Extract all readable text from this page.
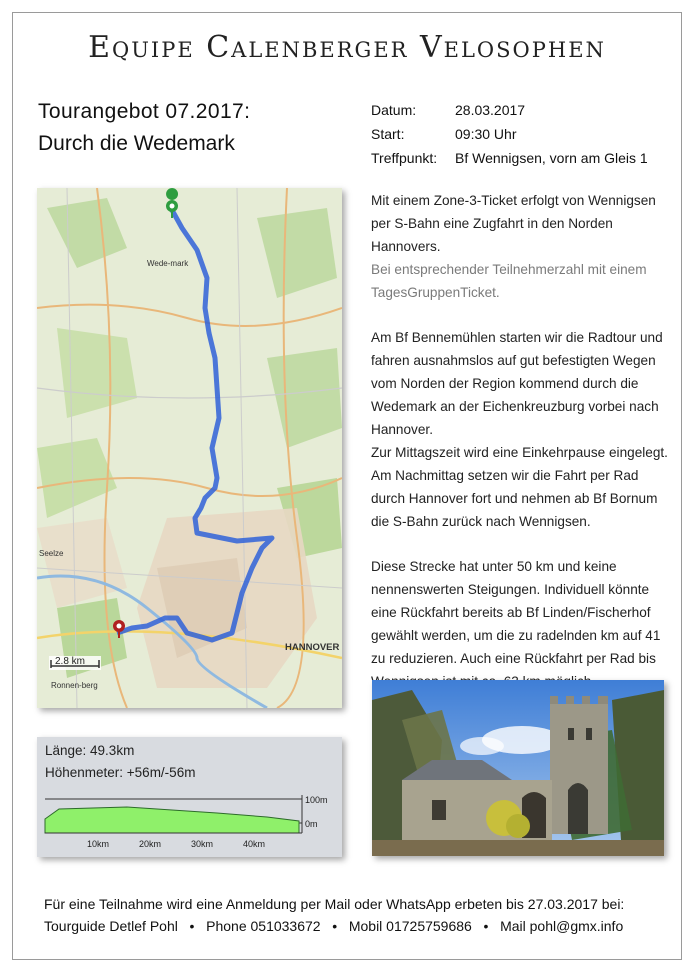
Equipe Calenberger Velosophen
Tourangebot 07.2017:
Durch die Wedemark
Datum:	28.03.2017
Start:	09:30 Uhr
Treffpunkt: Bf Wennigsen, vorn am Gleis 1
Wede-mark
HANNOVER
Seelze
Ronnen-berg
2.8 km
Länge: 49.3km
Höhenmeter: +56m/-56m
100m
0m
10km	20km	30km	40km

Mit einem Zone-3-Ticket erfolgt von Wennigsen per S-Bahn eine Zugfahrt in den Norden Hannovers.

Bei entsprechender Teilnehmerzahl mit einem TagesGruppenTicket.

Am Bf Bennemühlen starten wir die Radtour und fahren ausnahmslos auf gut befestigten Wegen vom Norden der Region kommend durch die Wedemark an der Eichenkreuzburg vorbei nach Hannover.

Zur Mittagszeit wird eine Einkehrpause eingelegt. Am Nachmittag setzen wir die Fahrt per Rad durch Hannover fort und nehmen ab Bf Bornum die S-Bahn zurück nach Wennigsen.

Diese Strecke hat unter 50 km und keine nennenswerten Steigungen. Individuell könnte eine Rückfahrt bereits ab Bf Linden/Fischerhof gewählt werden, um die zu radelnden km auf 41 zu reduzieren. Auch eine Rückfahrt per Rad bis

Für eine Teilnahme wird eine Anmeldung per Mail oder WhatsApp erbeten bis 27.03.2017 bei:
Tourguide Detlef Pohl • Phone 051033672 • Mobil 01725759686 • Mail pohl@gmx.info
